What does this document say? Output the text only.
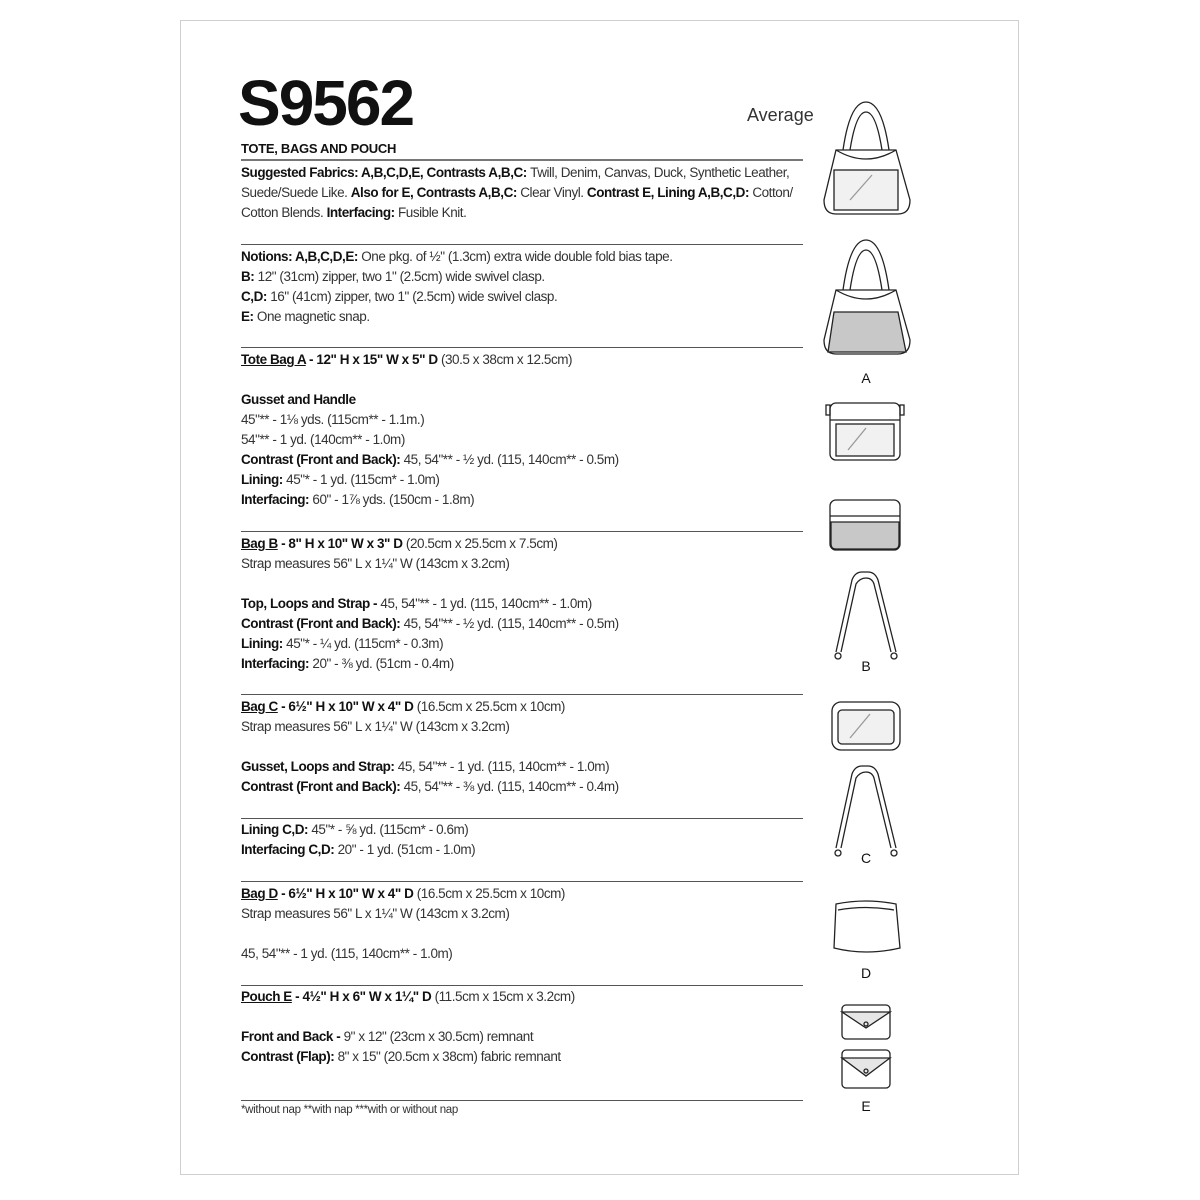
S9562	Average
TOTE, BAGS AND POUCH
Suggested Fabrics: A,B,C,D,E, Contrasts A,B,C: Twill, Denim, Canvas, Duck, Synthetic Leather,
Suede/Suede Like. Also for E, Contrasts A,B,C: Clear Vinyl. Contrast E, Lining A,B,C,D: Cotton/
Cotton Blends. Interfacing: Fusible Knit.
Notions: A,B,C,D,E: One pkg. of ½" (1.3cm) extra wide double fold bias tape.
B: 12" (31cm) zipper, two 1" (2.5cm) wide swivel clasp.
C,D: 16" (41cm) zipper, two 1" (2.5cm) wide swivel clasp.
E: One magnetic snap.
Tote Bag A - 12" H x 15" W x 5" D (30.5 x 38cm x 12.5cm)
Gusset and Handle
45"** - 1⅛ yds. (115cm** - 1.1m.)
54"** - 1 yd. (140cm** - 1.0m)
Contrast (Front and Back): 45, 54"** - ½ yd. (115, 140cm** - 0.5m)
Lining: 45"* - 1 yd. (115cm* - 1.0m)
Interfacing: 60" - 1⅞ yds. (150cm - 1.8m)
Bag B - 8" H x 10" W x 3" D (20.5cm x 25.5cm x 7.5cm)
Strap measures 56" L x 1¼" W (143cm x 3.2cm)
Top, Loops and Strap - 45, 54"** - 1 yd. (115, 140cm** - 1.0m)
Contrast (Front and Back): 45, 54"** - ½ yd. (115, 140cm** - 0.5m)
Lining: 45"* - ¼ yd. (115cm* - 0.3m)
Interfacing: 20" - ⅜ yd. (51cm - 0.4m)
Bag C - 6½" H x 10" W x 4" D (16.5cm x 25.5cm x 10cm)
Strap measures 56" L x 1¼" W (143cm x 3.2cm)
Gusset, Loops and Strap: 45, 54"** - 1 yd. (115, 140cm** - 1.0m)
Contrast (Front and Back): 45, 54"** - ⅜ yd. (115, 140cm** - 0.4m)
Lining C,D: 45"* - ⅝ yd. (115cm* - 0.6m)
Interfacing C,D: 20" - 1 yd. (51cm - 1.0m)
Bag D - 6½" H x 10" W x 4" D (16.5cm x 25.5cm x 10cm)
Strap measures 56" L x 1¼" W (143cm x 3.2cm)
45, 54"** - 1 yd. (115, 140cm** - 1.0m)
Pouch E - 4½" H x 6" W x 1¼" D (11.5cm x 15cm x 3.2cm)
Front and Back - 9" x 12" (23cm x 30.5cm) remnant
Contrast (Flap): 8" x 15" (20.5cm x 38cm) fabric remnant
*without nap **with nap ***with or without nap
A
B
C
D
E
